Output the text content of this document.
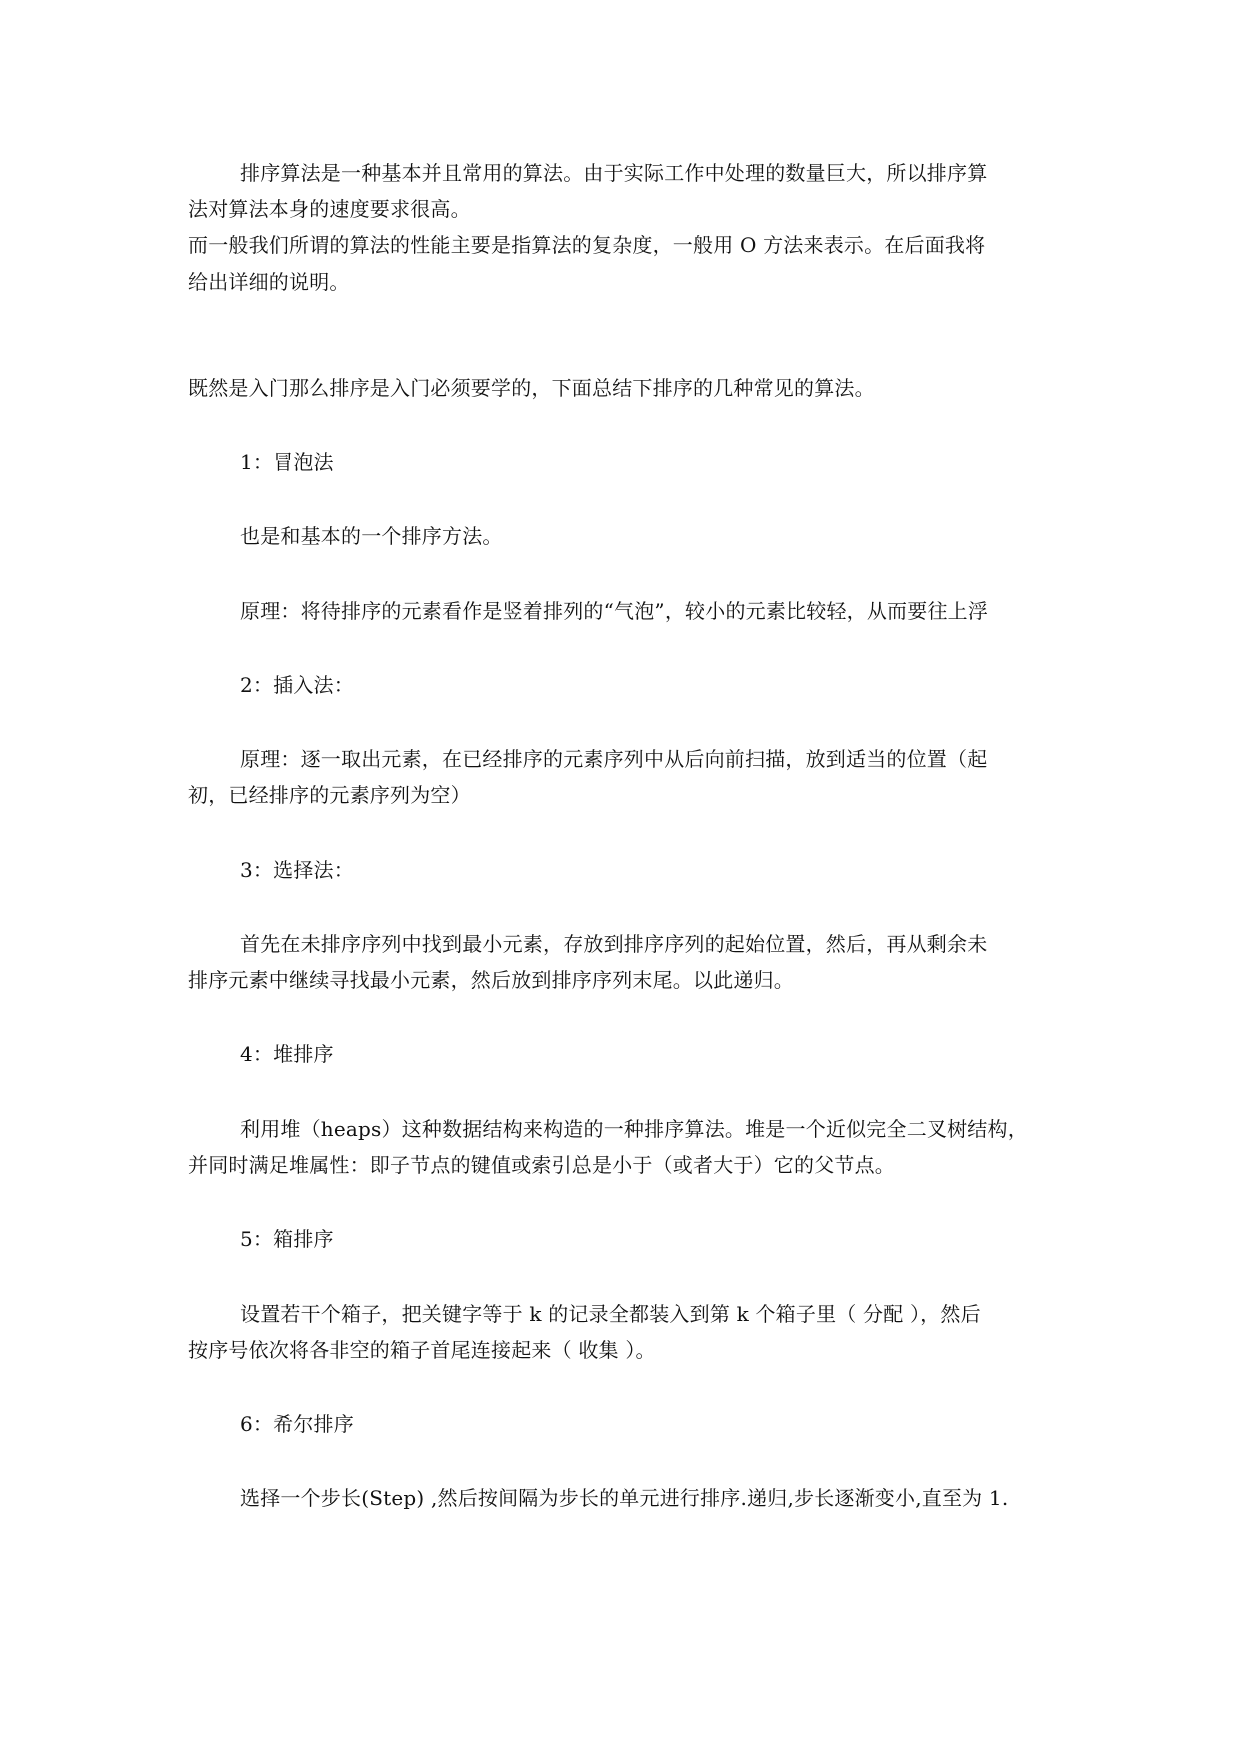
排序算法是一种基本并且常用的算法。由于实际工作中处理的数量巨大，所以排序算
法对算法本身的速度要求很高。
而一般我们所谓的算法的性能主要是指算法的复杂度，一般用 O 方法来表示。在后面我将
给出详细的说明。
既然是入门那么排序是入门必须要学的，下面总结下排序的几种常见的算法。
1：冒泡法
也是和基本的一个排序方法。
原理：将待排序的元素看作是竖着排列的“气泡”，较小的元素比较轻，从而要往上浮
2：插入法：
原理：逐一取出元素，在已经排序的元素序列中从后向前扫描，放到适当的位置（起
初，已经排序的元素序列为空）
3：选择法：
首先在未排序序列中找到最小元素，存放到排序序列的起始位置，然后，再从剩余未
排序元素中继续寻找最小元素，然后放到排序序列末尾。以此递归。
4：堆排序
利用堆（heaps）这种数据结构来构造的一种排序算法。堆是一个近似完全二叉树结构，
并同时满足堆属性：即子节点的键值或索引总是小于（或者大于）它的父节点。
5：箱排序
设置若干个箱子，把关键字等于 k 的记录全都装入到第 k 个箱子里（ 分配 ），然后
按序号依次将各非空的箱子首尾连接起来（ 收集 ）。
6：希尔排序
选择一个步长(Step) ,然后按间隔为步长的单元进行排序.递归,步长逐渐变小,直至为 1.
